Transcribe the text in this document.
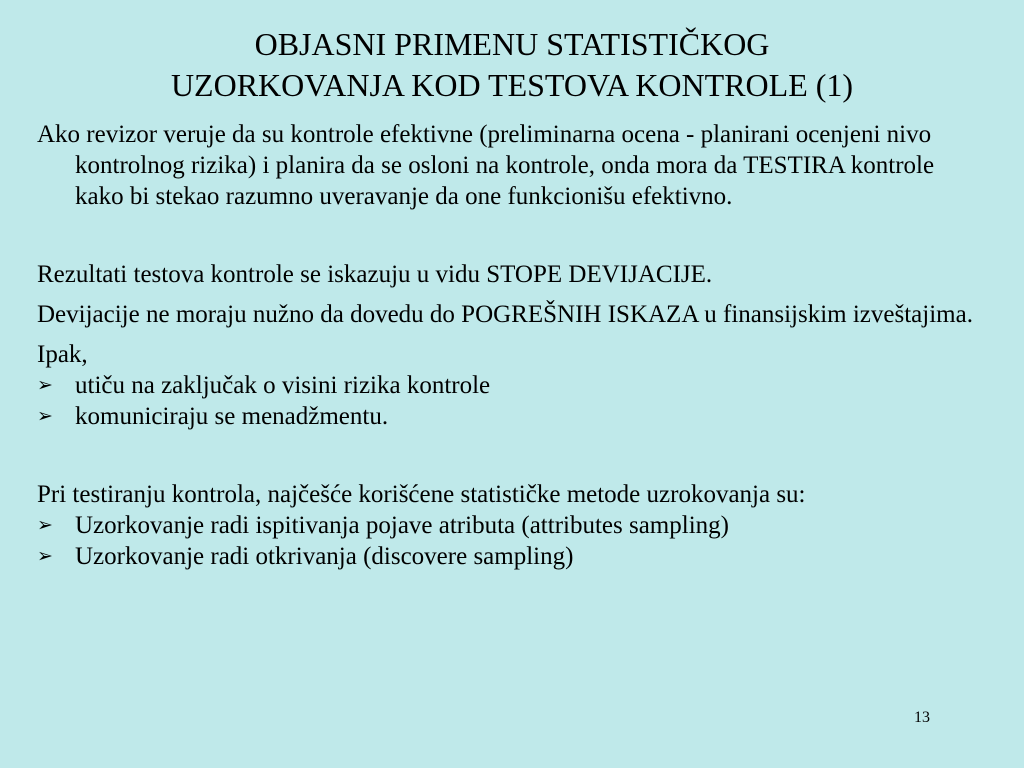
OBJASNI PRIMENU STATISTIČKOG
UZORKOVANJA KOD TESTOVA KONTROLE (1)

Ako revizor veruje da su kontrole efektivne (preliminarna ocena - planirani ocenjeni nivo kontrolnog rizika) i planira da se osloni na kontrole, onda mora da TESTIRA kontrole kako bi stekao razumno uveravanje da one funkcionišu efektivno.

Rezultati testova kontrole se iskazuju u vidu STOPE DEVIJACIJE.

Devijacije ne moraju nužno da dovedu do POGREŠNIH ISKAZA u finansijskim izveštajima.

Ipak,

➢ utiču na zaključak o visini rizika kontrole
➢ komuniciraju se menadžmentu.

Pri testiranju kontrola, najčešće korišćene statističke metode uzrokovanja su:

➢ Uzorkovanje radi ispitivanja pojave atributa (attributes sampling)
➢ Uzorkovanje radi otkrivanja (discovere sampling)
13
